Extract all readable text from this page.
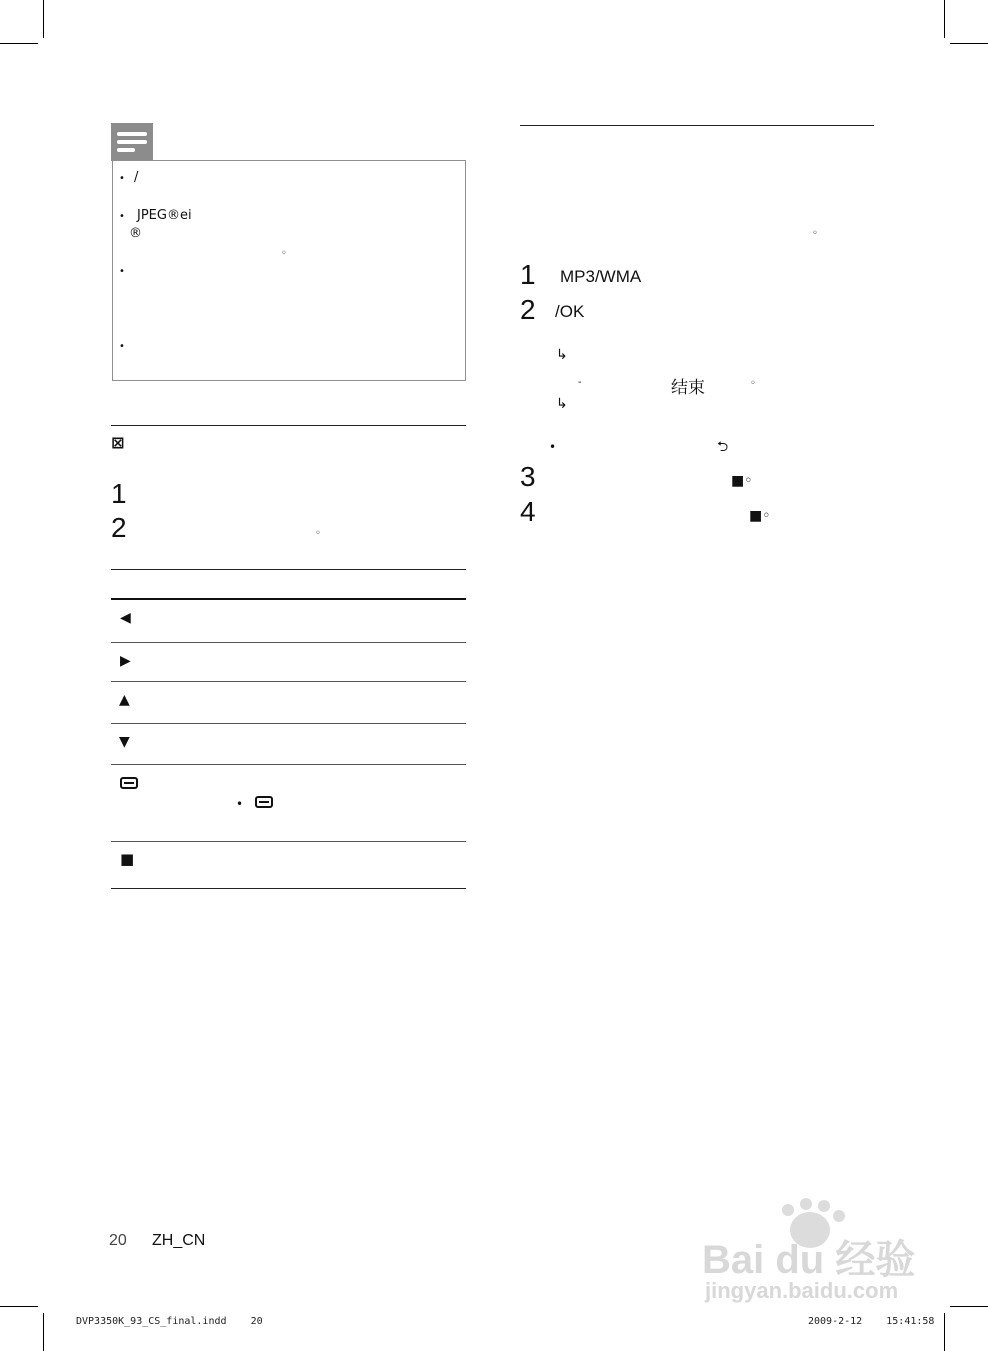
• /
• JPEG®ei
®
◦
•
•
⊠
1
2	◦
◀
▶
▲
▼
•
■
◦
1 MP3/WMA
2 /OK
↳
-	结束	◦
↳
•	⮌
3	■◦
4	■◦
20 ZH_CN
DVP3350K_93_CS_final.indd    20	2009-2-12    15:41:58
Bai du 经验
jingyan.baidu.com
